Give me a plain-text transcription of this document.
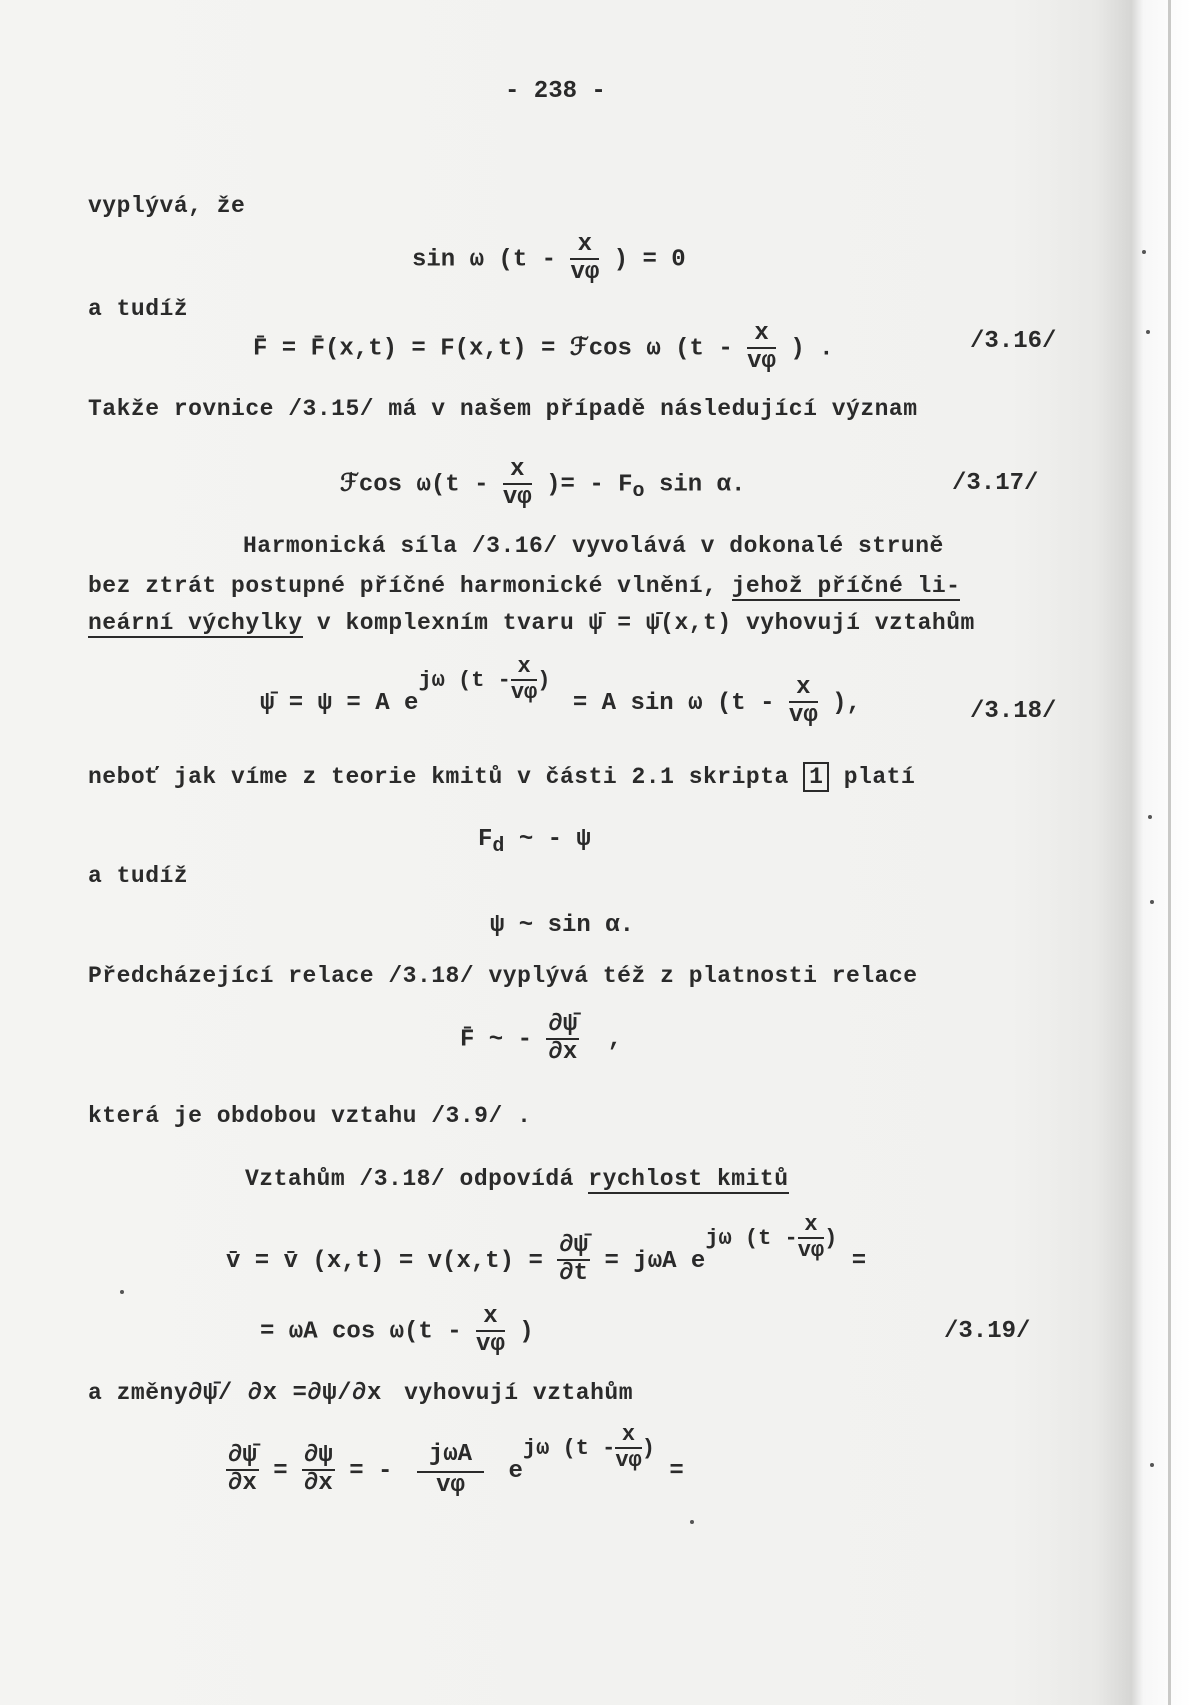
- 238 -
vyplývá, že
sin ω ($t - \frac{x}{v\varphi}$ ) = 0
a tudíž
F̄ = F̄(x,t) = F(x,t) = ℱcos ω ($t - \frac{x}{v\varphi}$ ) .	/3.16/
Takže rovnice /3.15/ má v našem případě následující význam
ℱcos $\omega(t - \frac{x}{v\varphi}$ )= - $F_o$ sin α.	/3.17/
Harmonická síla /3.16/ vyvolává v dokonalé struně
bez ztrát postupné příčné harmonické vlnění, jehož příčné li-
neární výchylky v komplexním tvaru ψ̄ = ψ̄(x,t) vyhovují vztahům
ψ̄ = ψ = A $e^{j\omega (t - \frac{x}{v\varphi} )} = A$ sin ω ($t - \frac{x}{v\varphi}$ ),	/3.18/
neboť jak víme z teorie kmitů v části 2.1 skripta 1 platí
$F_d$ ~ - ψ
a tudíž
ψ ~ sin α.
Předcházející relace /3.18/ vyplývá též z platnosti relace
F̄ ~ - $\frac{\partial\psī}{\partial x}$ ,
která je obdobou vztahu /3.9/ .
Vztahům /3.18/ odpovídá rychlost kmitů
v̄ = v̄ $(x,t) = v(x,t) = \frac{\partial\psī}{\partial t} = j\omega A$ $e^{j\omega (t - \frac{x}{v\varphi} )}$ =
= ωA $\cos \omega(t - \frac{x}{v\varphi}$ )	/3.19/
a změny∂ψ̄/ ∂x =∂ψ/∂x vyhovují vztahům
$\frac{\partial\psī}{\partial x} = \frac{\partial\psi}{\partial x}$ = -
jωA
vφ
$e^{j\omega (t - \frac{x}{v\varphi} )}$ =
